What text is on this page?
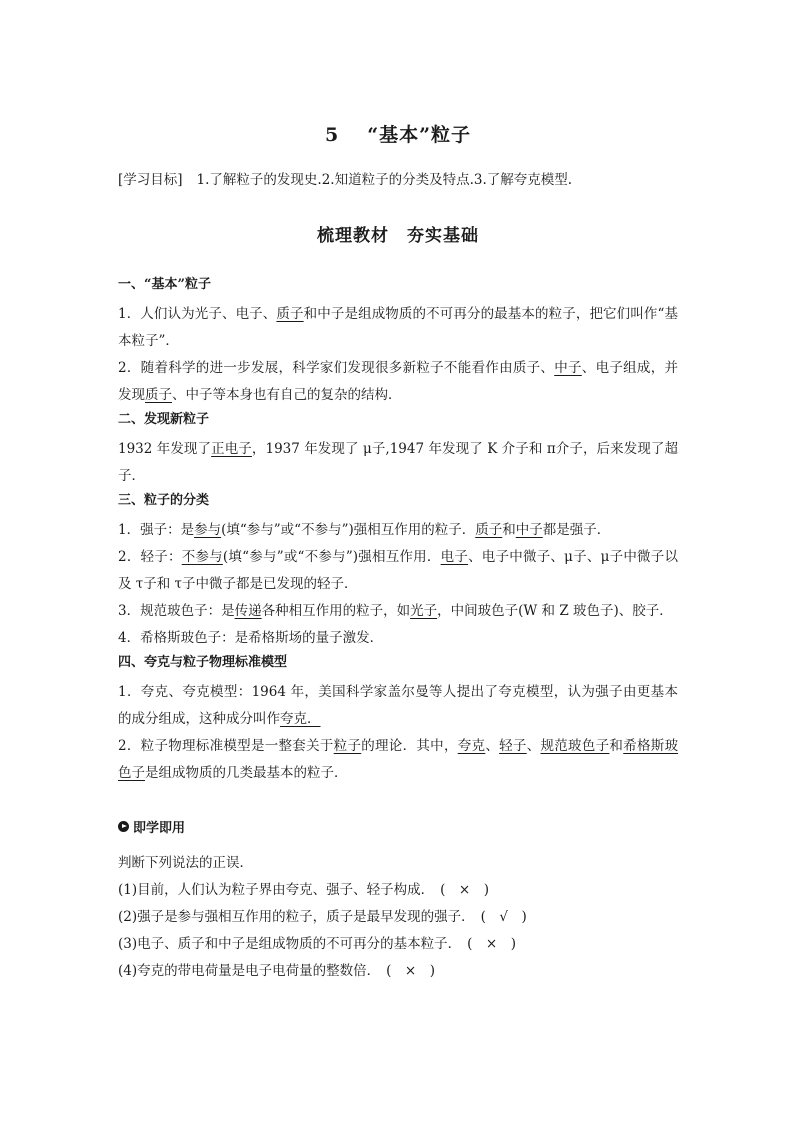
5 “基本”粒子

[学习目标] 1.了解粒子的发现史.2.知道粒子的分类及特点.3.了解夸克模型.

梳理教材　夯实基础
一、“基本”粒子

1．人们认为光子、电子、质子和中子是组成物质的不可再分的最基本的粒子，把它们叫作“基本粒子”．

2．随着科学的进一步发展，科学家们发现很多新粒子不能看作由质子、中子、电子组成，并发现质子、中子等本身也有自己的复杂的结构．

二、发现新粒子

1932 年发现了正电子，1937 年发现了 μ子,1947 年发现了 K 介子和 π介子，后来发现了超子．

三、粒子的分类

1．强子：是参与(填“参与”或“不参与”)强相互作用的粒子．质子和中子都是强子．

2．轻子：不参与(填“参与”或“不参与”)强相互作用．电子、电子中微子、μ子、μ子中微子以及 τ子和 τ子中微子都是已发现的轻子．

3．规范玻色子：是传递各种相互作用的粒子，如光子，中间玻色子(W 和 Z 玻色子)、胶子．

4．希格斯玻色子：是希格斯场的量子激发．

四、夸克与粒子物理标准模型

1．夸克、夸克模型：1964 年，美国科学家盖尔曼等人提出了夸克模型，认为强子由更基本的成分组成，这种成分叫作夸克．

2．粒子物理标准模型是一整套关于粒子的理论．其中，夸克、轻子、规范玻色子和希格斯玻色子是组成物质的几类最基本的粒子．

即学即用

判断下列说法的正误．

(1)目前，人们认为粒子界由夸克、强子、轻子构成． (　×　)

(2)强子是参与强相互作用的粒子，质子是最早发现的强子． (　√　)

(3)电子、质子和中子是组成物质的不可再分的基本粒子． (　×　)

(4)夸克的带电荷量是电子电荷量的整数倍． (　×　)
